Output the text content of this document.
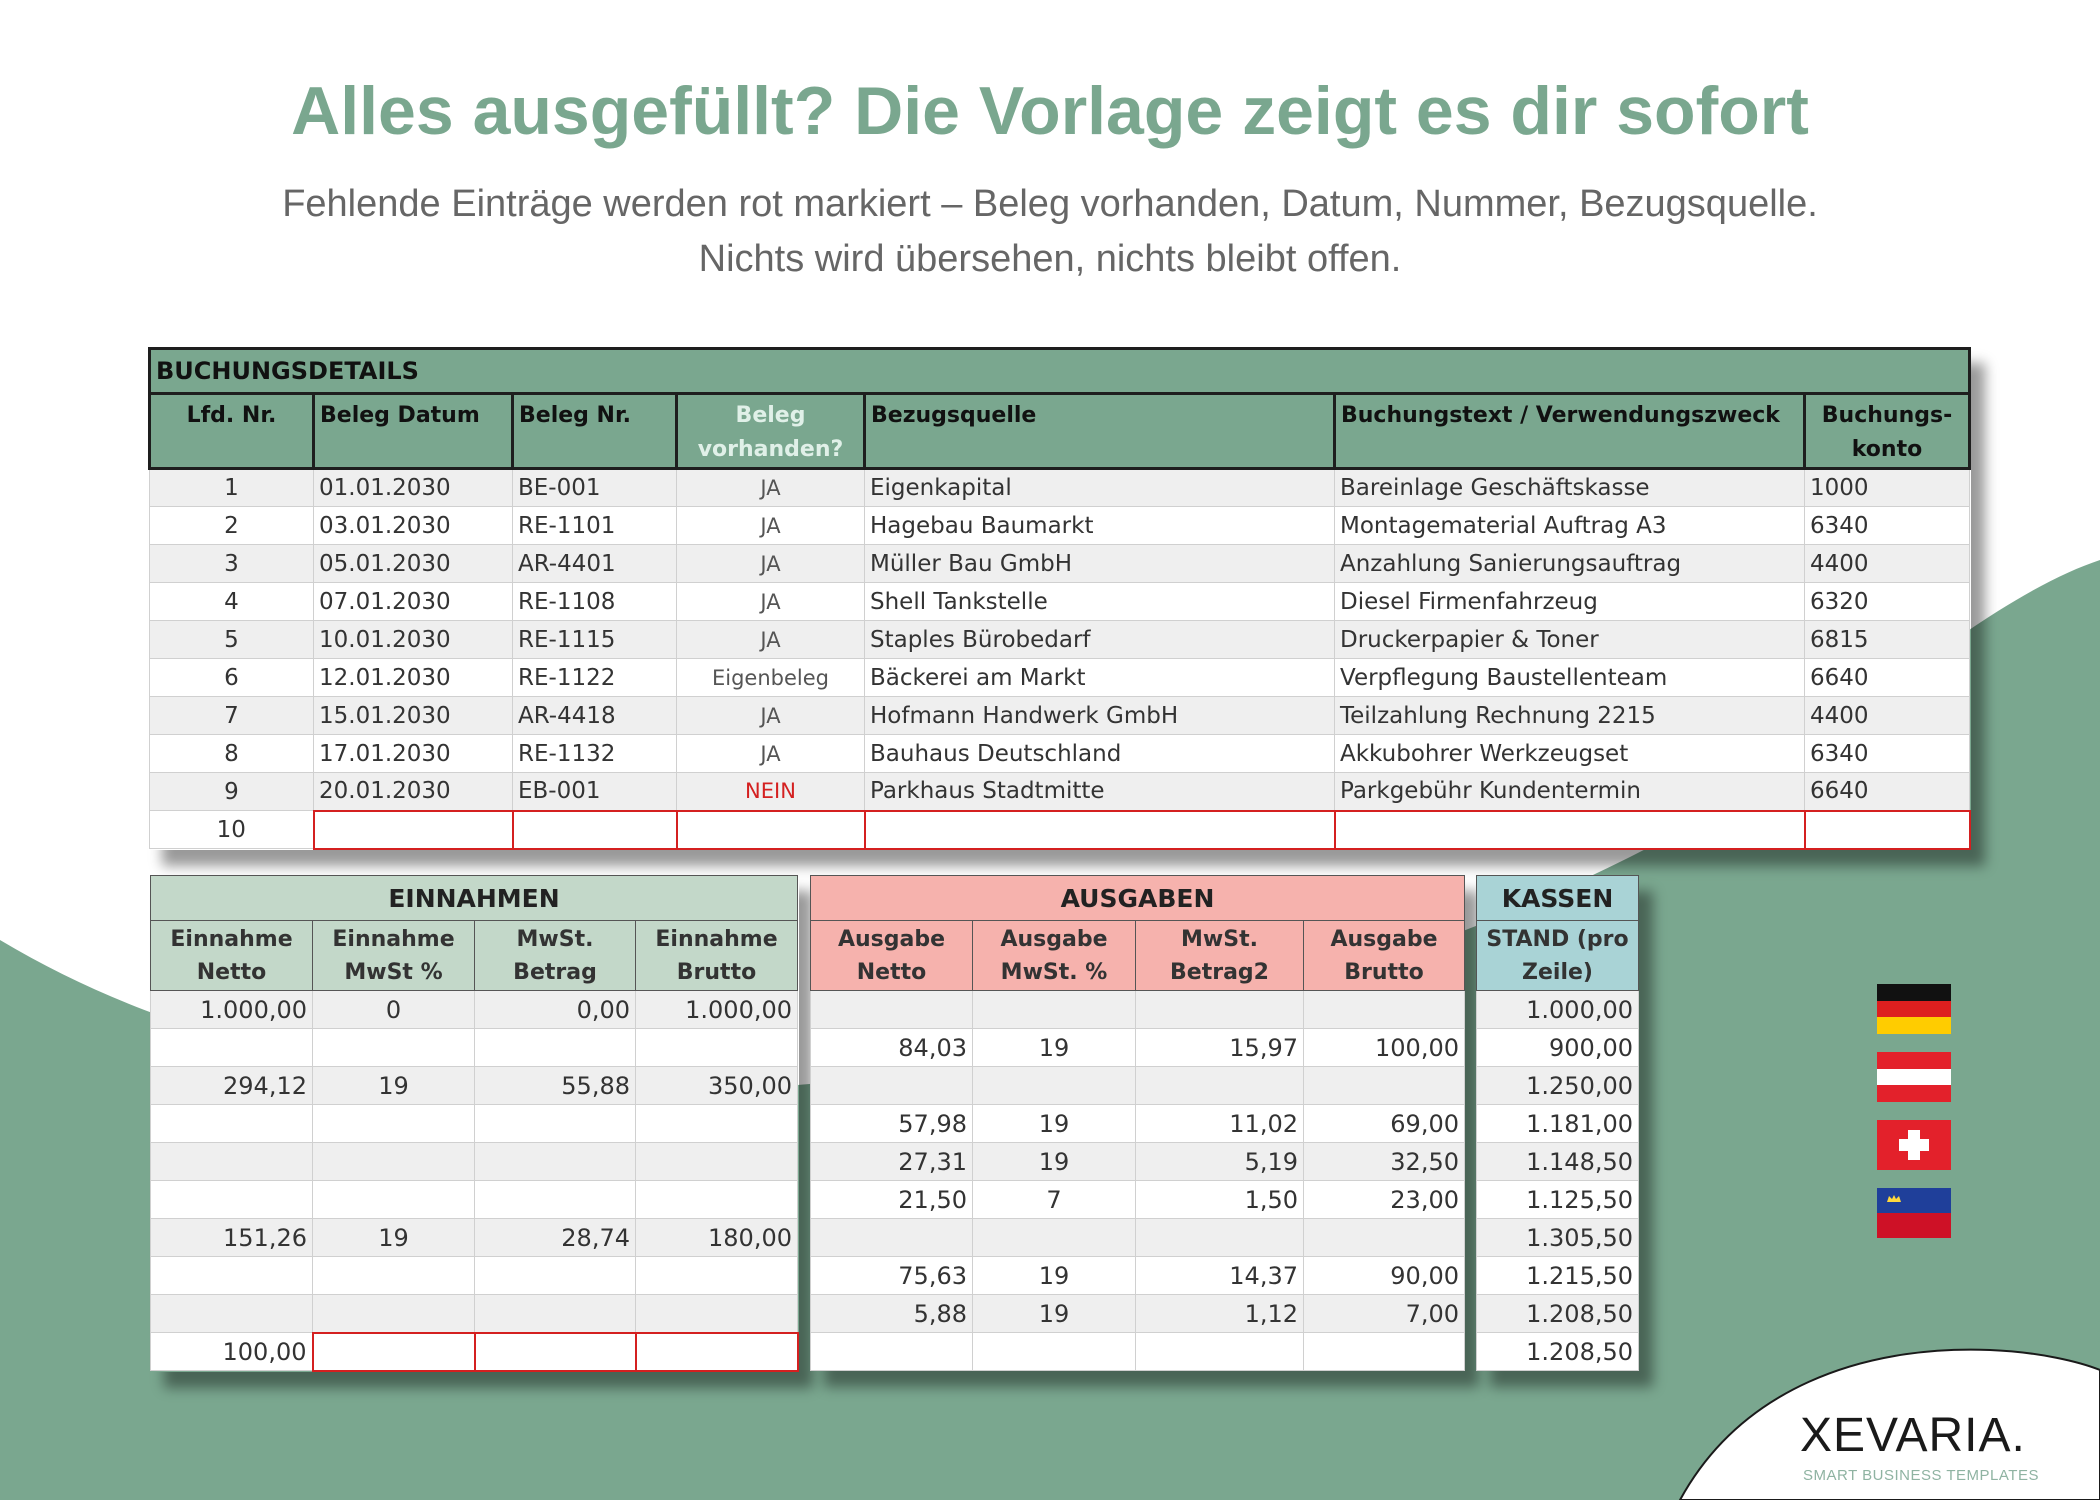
Alles ausgefüllt? Die Vorlage zeigt es dir sofort
Fehlende Einträge werden rot markiert – Beleg vorhanden, Datum, Nummer, Bezugsquelle.
Nichts wird übersehen, nichts bleibt offen.
BUCHUNGSDETAILS						
Lfd. Nr.	Beleg Datum	Beleg Nr.	Beleg vorhanden?	Bezugsquelle	Buchungstext / Verwendungszweck	Buchungs-konto
1	01.01.2030	BE-001	JA	Eigenkapital	Bareinlage Geschäftskasse	1000
2	03.01.2030	RE-1101	JA	Hagebau Baumarkt	Montagematerial Auftrag A3	6340
3	05.01.2030	AR-4401	JA	Müller Bau GmbH	Anzahlung Sanierungsauftrag	4400
4	07.01.2030	RE-1108	JA	Shell Tankstelle	Diesel Firmenfahrzeug	6320
5	10.01.2030	RE-1115	JA	Staples Bürobedarf	Druckerpapier & Toner	6815
6	12.01.2030	RE-1122	Eigenbeleg	Bäckerei am Markt	Verpflegung Baustellenteam	6640
7	15.01.2030	AR-4418	JA	Hofmann Handwerk GmbH	Teilzahlung Rechnung 2215	4400
8	17.01.2030	RE-1132	JA	Bauhaus Deutschland	Akkubohrer Werkzeugset	6340
9	20.01.2030	EB-001	NEIN	Parkhaus Stadtmitte	Parkgebühr Kundentermin	6640
10						
EINNAHMEN			
Einnahme Netto	Einnahme MwSt %	MwSt. Betrag	Einnahme Brutto
1.000,00	0	0,00	1.000,00

294,12	19	55,88	350,00

151,26	19	28,74	180,00

100,00			
AUSGABEN			
Ausgabe Netto	Ausgabe MwSt. %	MwSt. Betrag2	Ausgabe Brutto

84,03	19	15,97	100,00

57,98	19	11,02	69,00
27,31	19	5,19	32,50
21,50	7	1,50	23,00

75,63	19	14,37	90,00
5,88	19	1,12	7,00

KASSEN
STAND (pro Zeile)
1.000,00
900,00
1.250,00
1.181,00
1.148,50
1.125,50
1.305,50
1.215,50
1.208,50
1.208,50
XEVARIA.
SMART BUSINESS TEMPLATES
